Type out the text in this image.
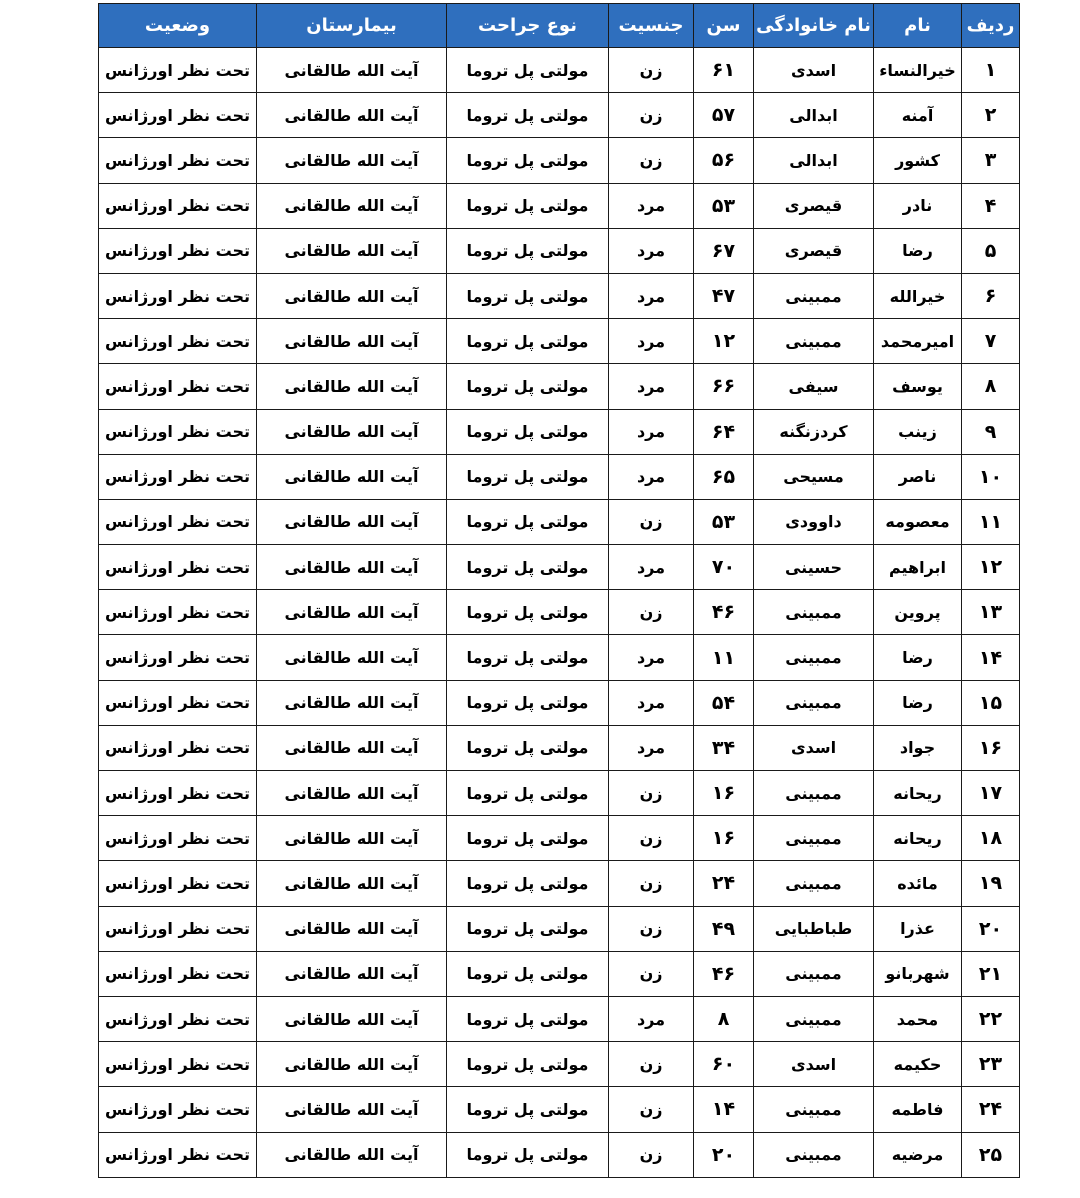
ردیف	نام	نام خانوادگی	سن	جنسیت	نوع جراحت	بیمارستان	وضعیت
۱	خیرالنساء	اسدی	۶۱	زن	مولتی پل تروما	آیت الله طالقانی	تحت نظر اورژانس
۲	آمنه	ابدالی	۵۷	زن	مولتی پل تروما	آیت الله طالقانی	تحت نظر اورژانس
۳	کشور	ابدالی	۵۶	زن	مولتی پل تروما	آیت الله طالقانی	تحت نظر اورژانس
۴	نادر	قیصری	۵۳	مرد	مولتی پل تروما	آیت الله طالقانی	تحت نظر اورژانس
۵	رضا	قیصری	۶۷	مرد	مولتی پل تروما	آیت الله طالقانی	تحت نظر اورژانس
۶	خیرالله	ممبینی	۴۷	مرد	مولتی پل تروما	آیت الله طالقانی	تحت نظر اورژانس
۷	امیرمحمد	ممبینی	۱۲	مرد	مولتی پل تروما	آیت الله طالقانی	تحت نظر اورژانس
۸	یوسف	سیفی	۶۶	مرد	مولتی پل تروما	آیت الله طالقانی	تحت نظر اورژانس
۹	زینب	کردزنگنه	۶۴	مرد	مولتی پل تروما	آیت الله طالقانی	تحت نظر اورژانس
۱۰	ناصر	مسیحی	۶۵	مرد	مولتی پل تروما	آیت الله طالقانی	تحت نظر اورژانس
۱۱	معصومه	داوودی	۵۳	زن	مولتی پل تروما	آیت الله طالقانی	تحت نظر اورژانس
۱۲	ابراهیم	حسینی	۷۰	مرد	مولتی پل تروما	آیت الله طالقانی	تحت نظر اورژانس
۱۳	پروین	ممبینی	۴۶	زن	مولتی پل تروما	آیت الله طالقانی	تحت نظر اورژانس
۱۴	رضا	ممبینی	۱۱	مرد	مولتی پل تروما	آیت الله طالقانی	تحت نظر اورژانس
۱۵	رضا	ممبینی	۵۴	مرد	مولتی پل تروما	آیت الله طالقانی	تحت نظر اورژانس
۱۶	جواد	اسدی	۳۴	مرد	مولتی پل تروما	آیت الله طالقانی	تحت نظر اورژانس
۱۷	ریحانه	ممبینی	۱۶	زن	مولتی پل تروما	آیت الله طالقانی	تحت نظر اورژانس
۱۸	ریحانه	ممبینی	۱۶	زن	مولتی پل تروما	آیت الله طالقانی	تحت نظر اورژانس
۱۹	مائده	ممبینی	۲۴	زن	مولتی پل تروما	آیت الله طالقانی	تحت نظر اورژانس
۲۰	عذرا	طباطبایی	۴۹	زن	مولتی پل تروما	آیت الله طالقانی	تحت نظر اورژانس
۲۱	شهربانو	ممبینی	۴۶	زن	مولتی پل تروما	آیت الله طالقانی	تحت نظر اورژانس
۲۲	محمد	ممبینی	۸	مرد	مولتی پل تروما	آیت الله طالقانی	تحت نظر اورژانس
۲۳	حکیمه	اسدی	۶۰	زن	مولتی پل تروما	آیت الله طالقانی	تحت نظر اورژانس
۲۴	فاطمه	ممبینی	۱۴	زن	مولتی پل تروما	آیت الله طالقانی	تحت نظر اورژانس
۲۵	مرضیه	ممبینی	۲۰	زن	مولتی پل تروما	آیت الله طالقانی	تحت نظر اورژانس
